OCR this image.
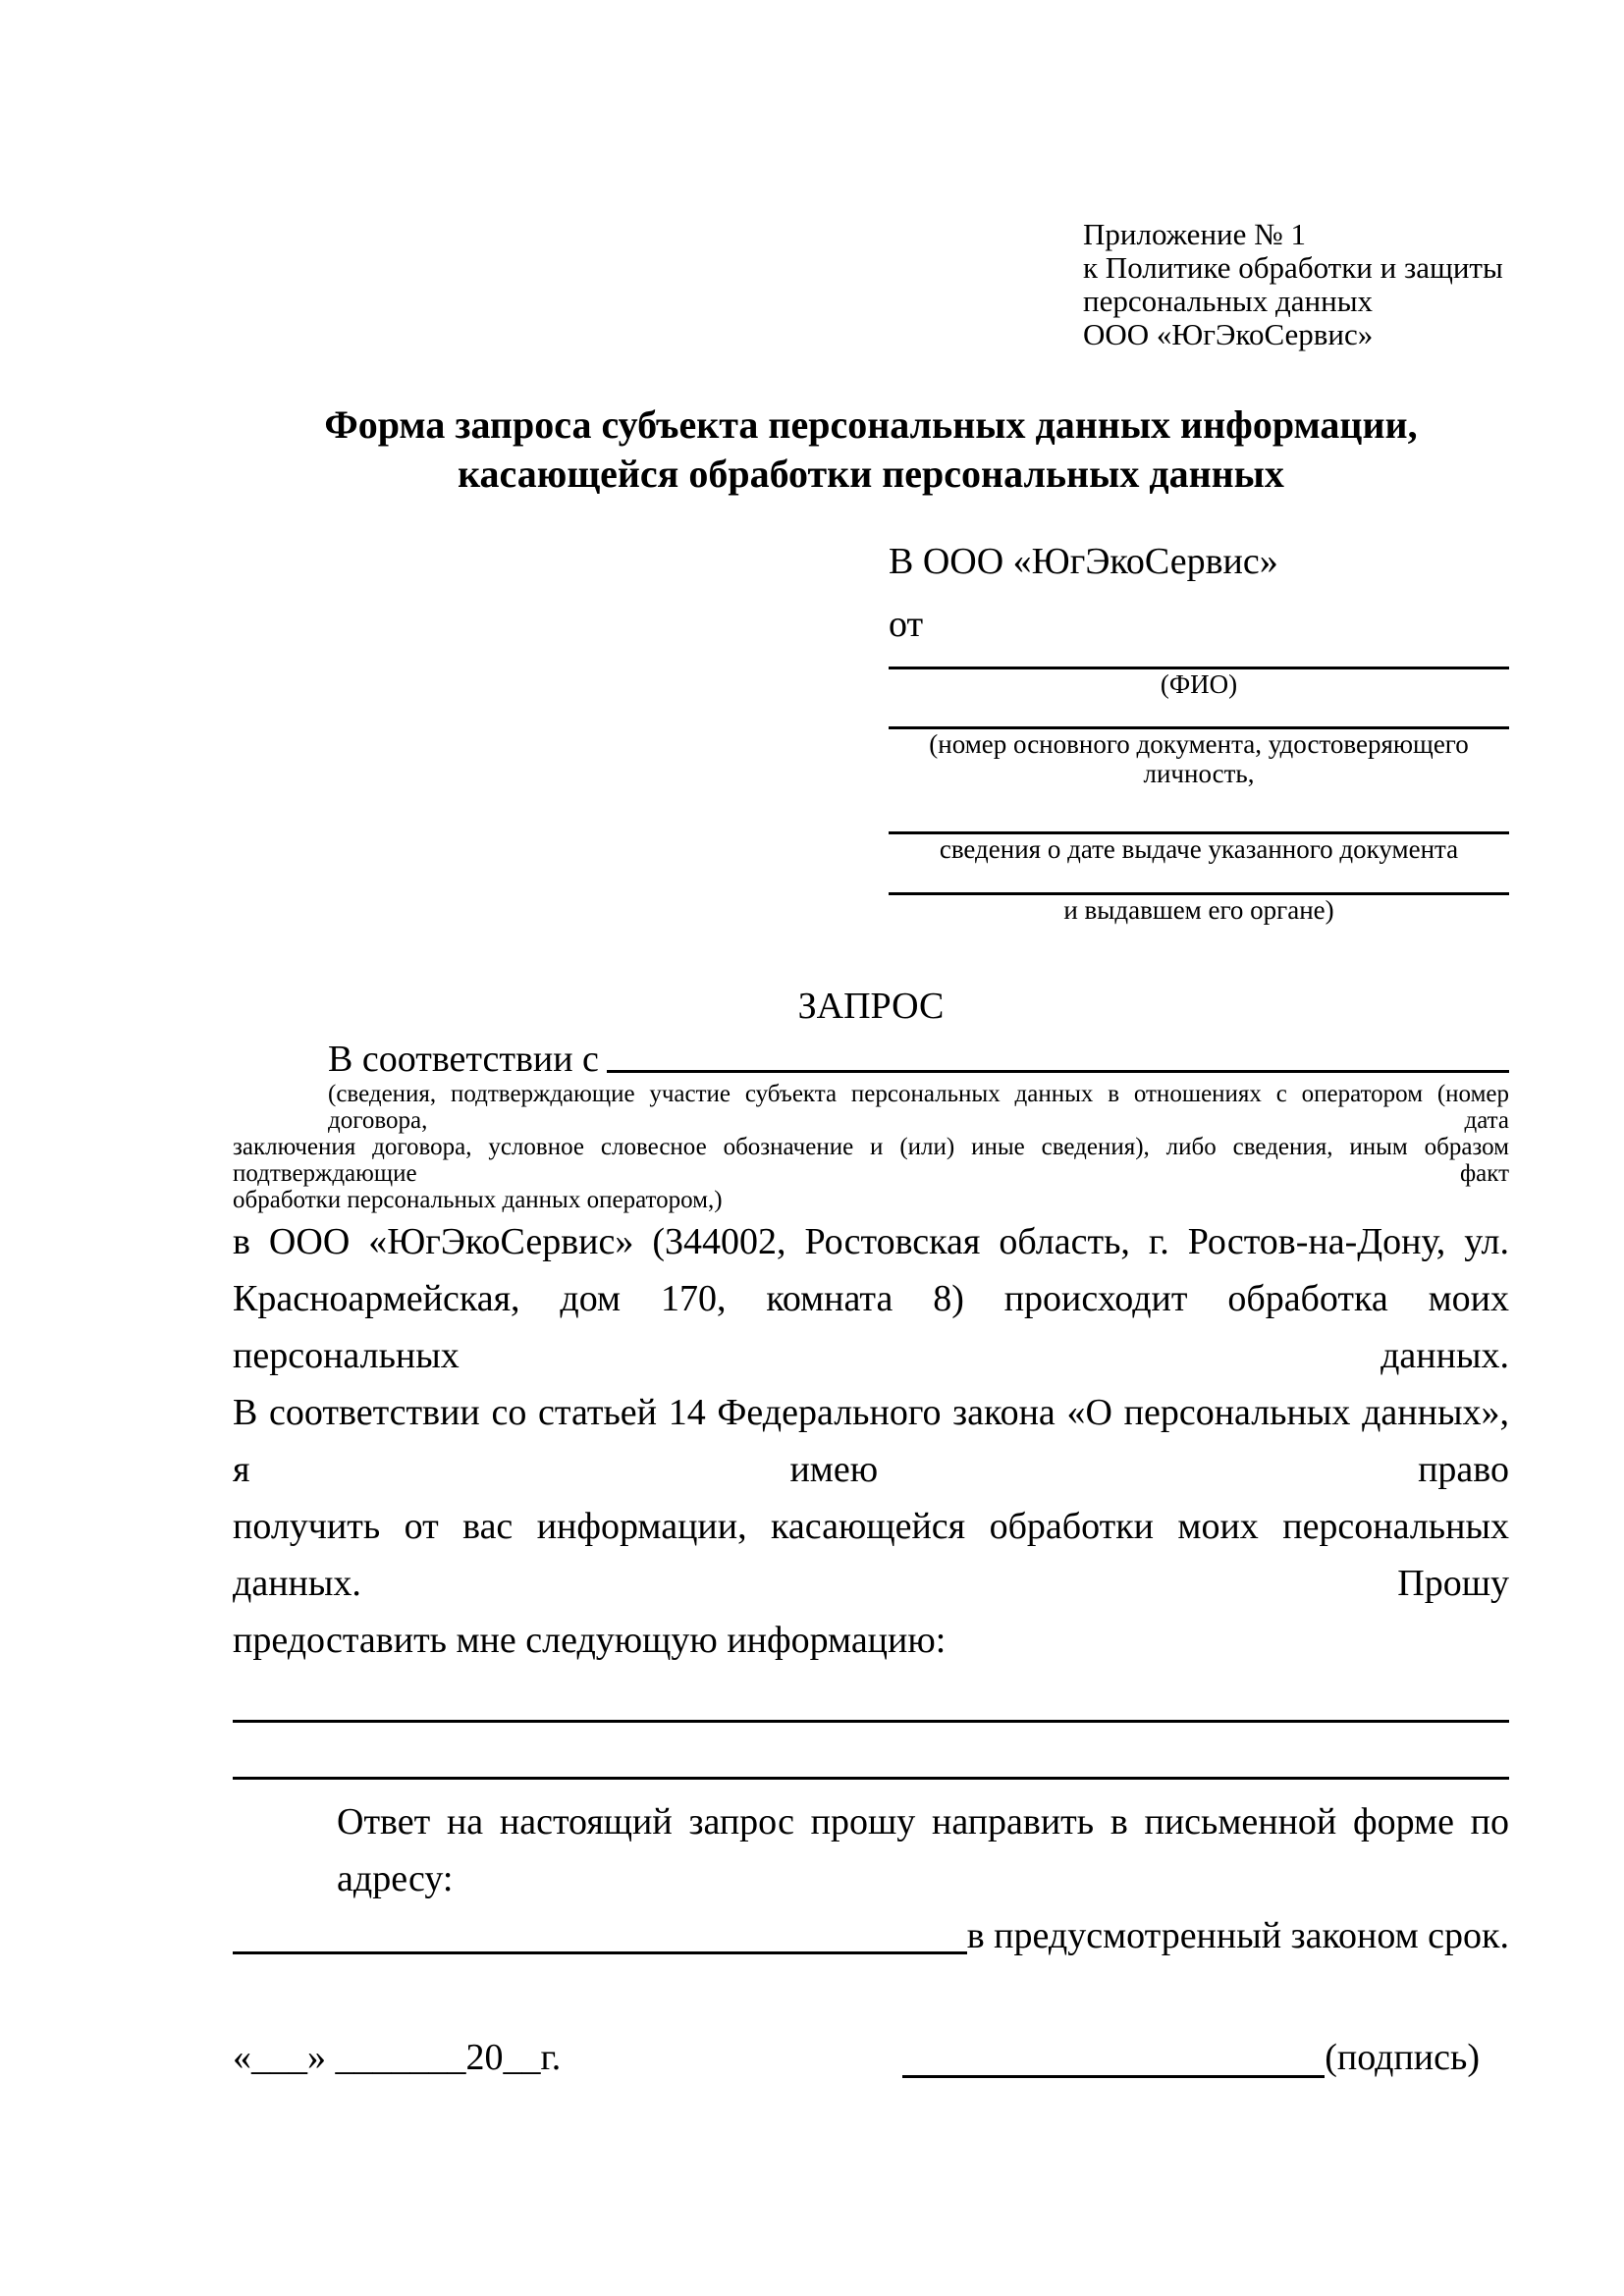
Приложение № 1
к Политике обработки и защиты
персональных данных
ООО «ЮгЭкоСервис»
Форма запроса субъекта персональных данных информации,
касающейся обработки персональных данных
В ООО «ЮгЭкоСервис»
от
(ФИО)
(номер основного документа, удостоверяющего личность,
сведения о дате выдаче указанного документа
и выдавшем его органе)
ЗАПРОС
В соответствии с
(сведения, подтверждающие участие субъекта персональных данных в отношениях с оператором (номер договора, дата
заключения договора, условное словесное обозначение и (или) иные сведения), либо сведения, иным образом подтверждающие факт
обработки персональных данных оператором,)
в ООО «ЮгЭкоСервис» (344002, Ростовская область, г. Ростов-на-Дону, ул.
Красноармейская, дом 170, комната 8) происходит обработка моих персональных данных.
В соответствии со статьей 14 Федерального закона «О персональных данных», я имею право
получить от вас информации, касающейся обработки моих персональных данных. Прошу
предоставить мне следующую информацию:
Ответ на настоящий запрос прошу направить в письменной форме по адресу:
в предусмотренный законом срок.
«___» _______20__г.	(подпись)
